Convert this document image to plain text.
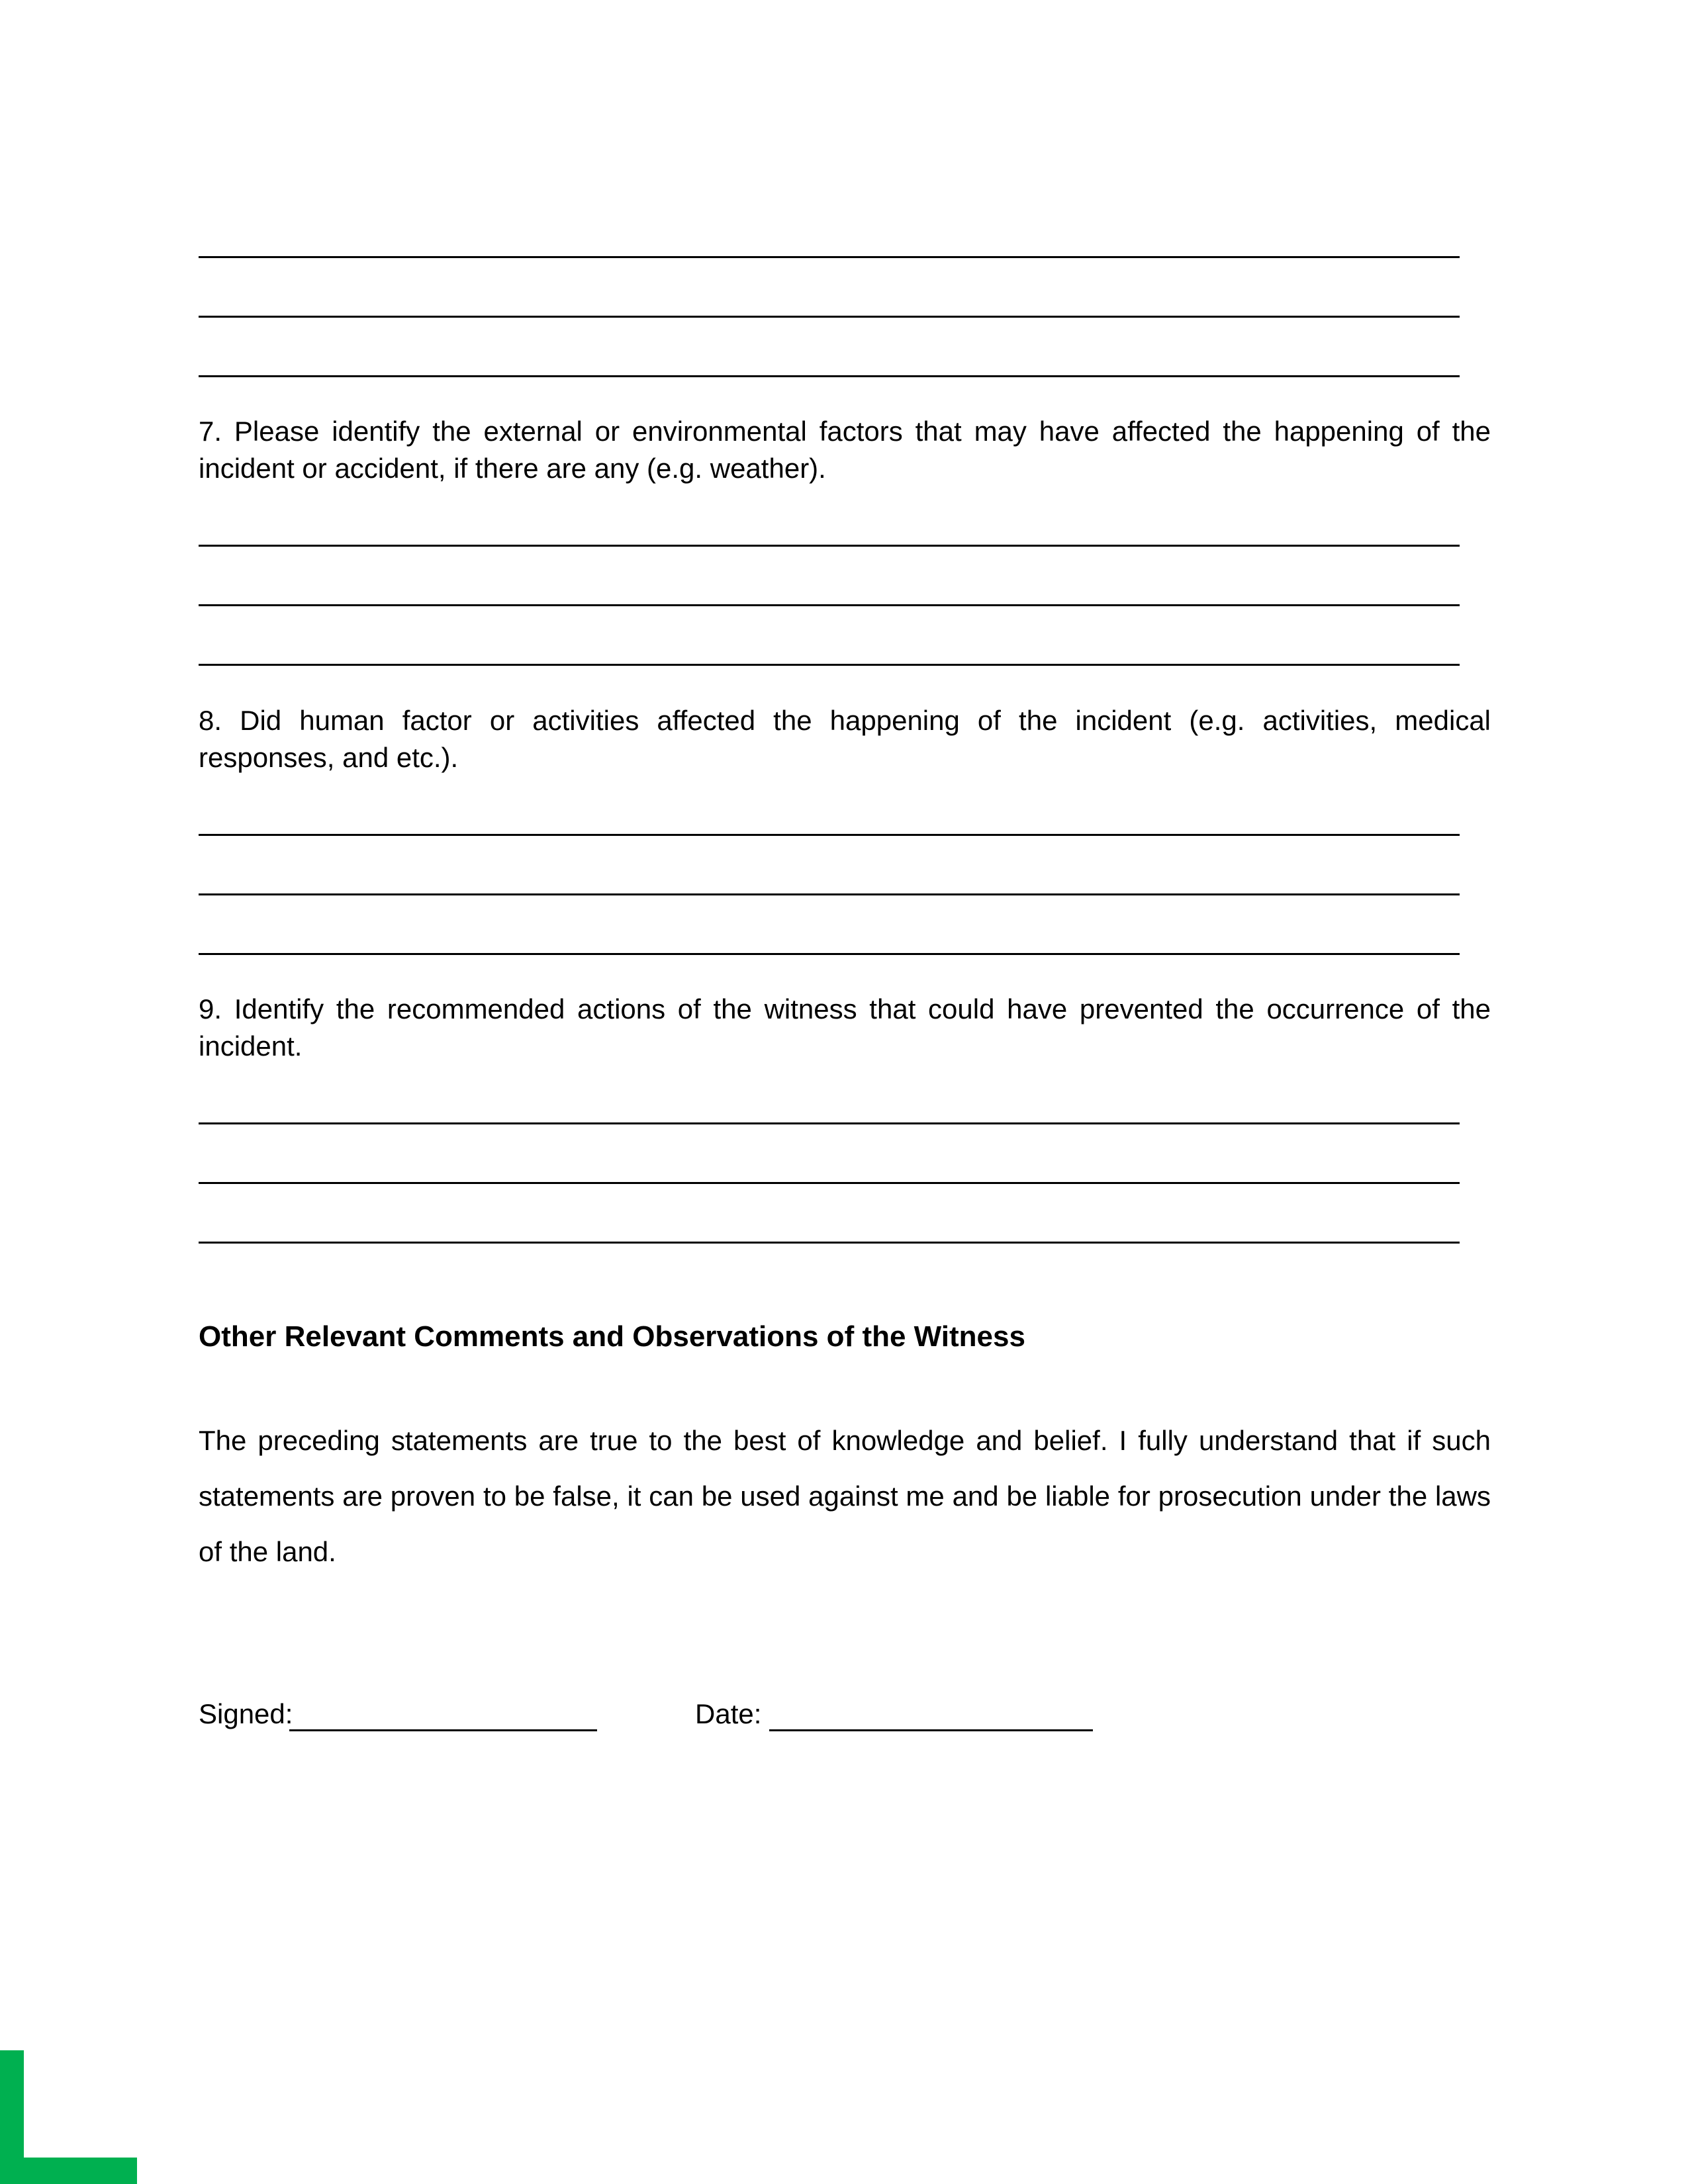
7. Please identify the external or environmental factors that may have affected the happening of the incident or accident, if there are any (e.g. weather).

8. Did human factor or activities affected the happening of the incident (e.g. activities, medical responses, and etc.).

9. Identify the recommended actions of the witness that could have prevented the occurrence of the incident.

Other Relevant Comments and Observations of the Witness

The preceding statements are true to the best of knowledge and belief. I fully understand that if such statements are proven to be false, it can be used against me and be liable for prosecution under the laws of the land.

Signed:	Date:
